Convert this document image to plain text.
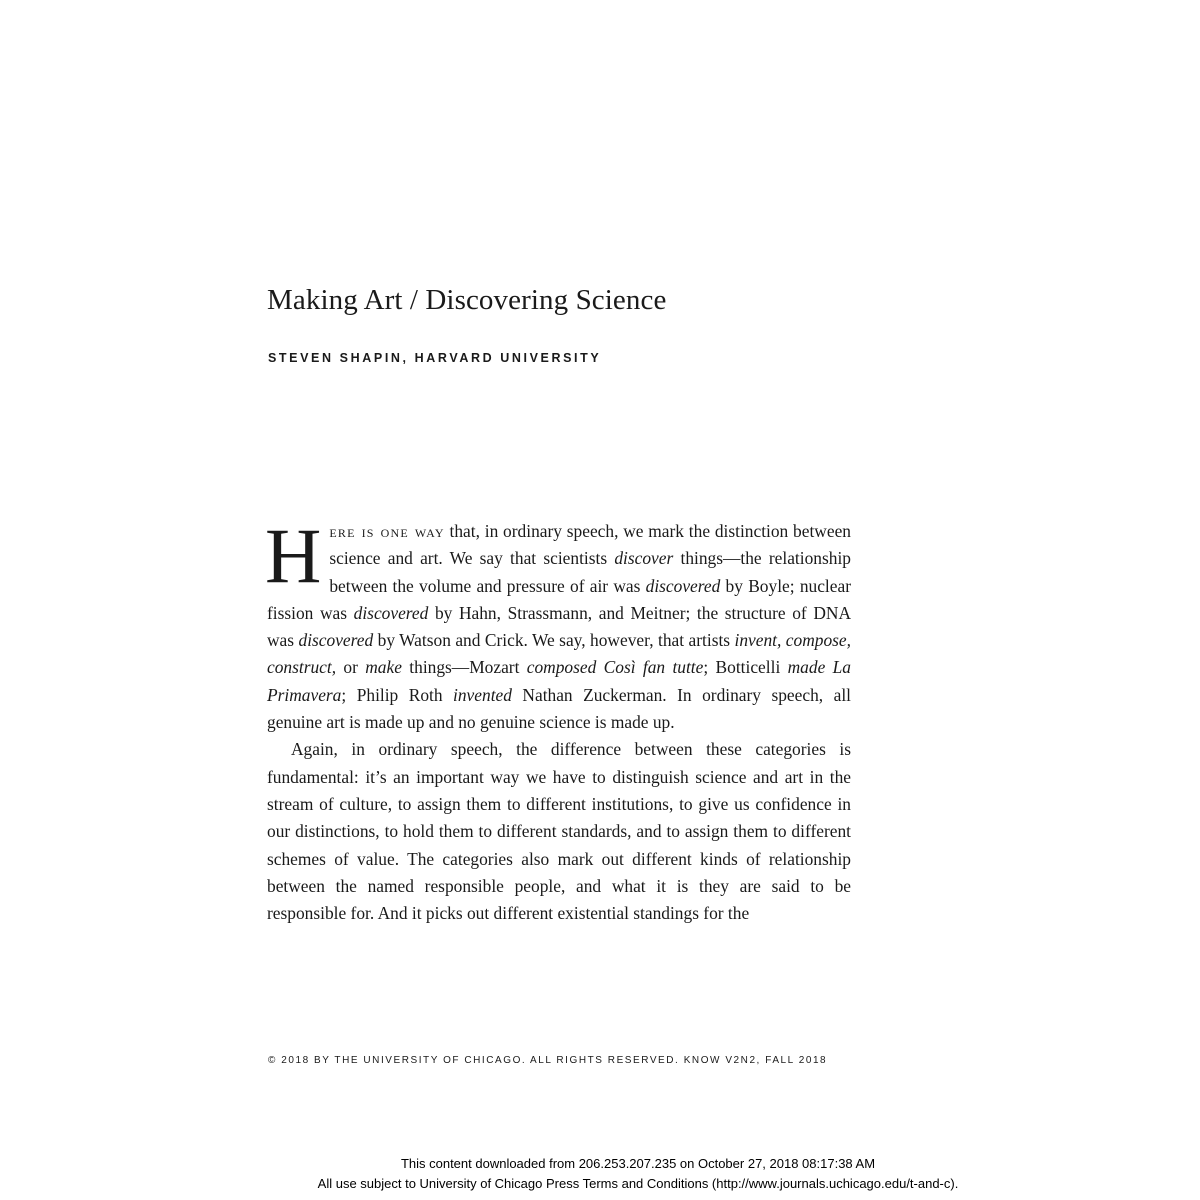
Making Art / Discovering Science
STEVEN SHAPIN, HARVARD UNIVERSITY

Here is one way that, in ordinary speech, we mark the distinction between science and art. We say that scientists discover things—the relationship between the volume and pressure of air was discovered by Boyle; nuclear fission was discovered by Hahn, Strassmann, and Meitner; the structure of DNA was discovered by Watson and Crick. We say, however, that artists invent, compose, construct, or make things—Mozart composed Così fan tutte; Botticelli made La Primavera; Philip Roth invented Nathan Zuckerman. In ordinary speech, all genuine art is made up and no genuine science is made up.

Again, in ordinary speech, the difference between these categories is fundamental: it’s an important way we have to distinguish science and art in the stream of culture, to assign them to different institutions, to give us confidence in our distinctions, to hold them to different standards, and to assign them to different schemes of value. The categories also mark out different kinds of relationship between the named responsible people, and what it is they are said to be responsible for. And it picks out different existential standings for the

© 2018 BY THE UNIVERSITY OF CHICAGO. ALL RIGHTS RESERVED. KNOW V2N2, FALL 2018
This content downloaded from 206.253.207.235 on October 27, 2018 08:17:38 AM
All use subject to University of Chicago Press Terms and Conditions (http://www.journals.uchicago.edu/t-and-c).
